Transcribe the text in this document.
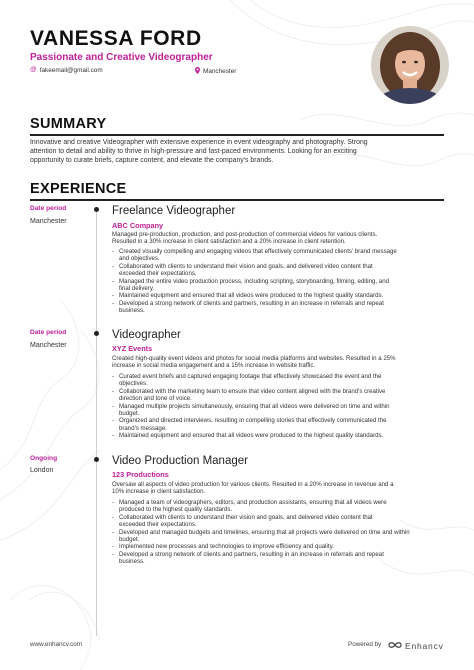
VANESSA FORD
Passionate and Creative Videographer
@ fakeemail@gmail.com	Manchester
SUMMARY
Innovative and creative Videographer with extensive experience in event videography and photography. Strong
attention to detail and ability to thrive in high-pressure and fast-paced environments. Looking for an exciting
opportunity to curate briefs, capture content, and elevate the company's brands.
EXPERIENCE
Date period
Manchester
Freelance Videographer
ABC Company
Managed pre-production, production, and post-production of commercial videos for various clients.
Resulted in a 30% increase in client satisfaction and a 20% increase in client retention.
- Created visually compelling and engaging videos that effectively communicated clients' brand message
and objectives.
- Collaborated with clients to understand their vision and goals, and delivered video content that
exceeded their expectations.
- Managed the entire video production process, including scripting, storyboarding, filming, editing, and
final delivery.
- Maintained equipment and ensured that all videos were produced to the highest quality standards.
- Developed a strong network of clients and partners, resulting in an increase in referrals and repeat
business.
Date period
Manchester
Videographer
XYZ Events
Created high-quality event videos and photos for social media platforms and websites. Resulted in a 25%
increase in social media engagement and a 15% increase in website traffic.
- Curated event briefs and captured engaging footage that effectively showcased the event and the
objectives.
- Collaborated with the marketing team to ensure that video content aligned with the brand's creative
direction and tone of voice.
- Managed multiple projects simultaneously, ensuring that all videos were delivered on time and within
budget.
- Organized and directed interviews, resulting in compelling stories that effectively communicated the
brand's message.
- Maintained equipment and ensured that all videos were produced to the highest quality standards.
Ongoing
London
Video Production Manager
123 Productions
Oversaw all aspects of video production for various clients. Resulted in a 20% increase in revenue and a
10% increase in client satisfaction.
- Managed a team of videographers, editors, and production assistants, ensuring that all videos were
produced to the highest quality standards.
- Collaborated with clients to understand their vision and goals, and delivered video content that
exceeded their expectations.
- Developed and managed budgets and timelines, ensuring that all projects were delivered on time and within
budget.
- Implemented new processes and technologies to improve efficiency and quality.
- Developed a strong network of clients and partners, resulting in an increase in referrals and repeat
business.
www.enhancv.com	Powered by	Enhancv
